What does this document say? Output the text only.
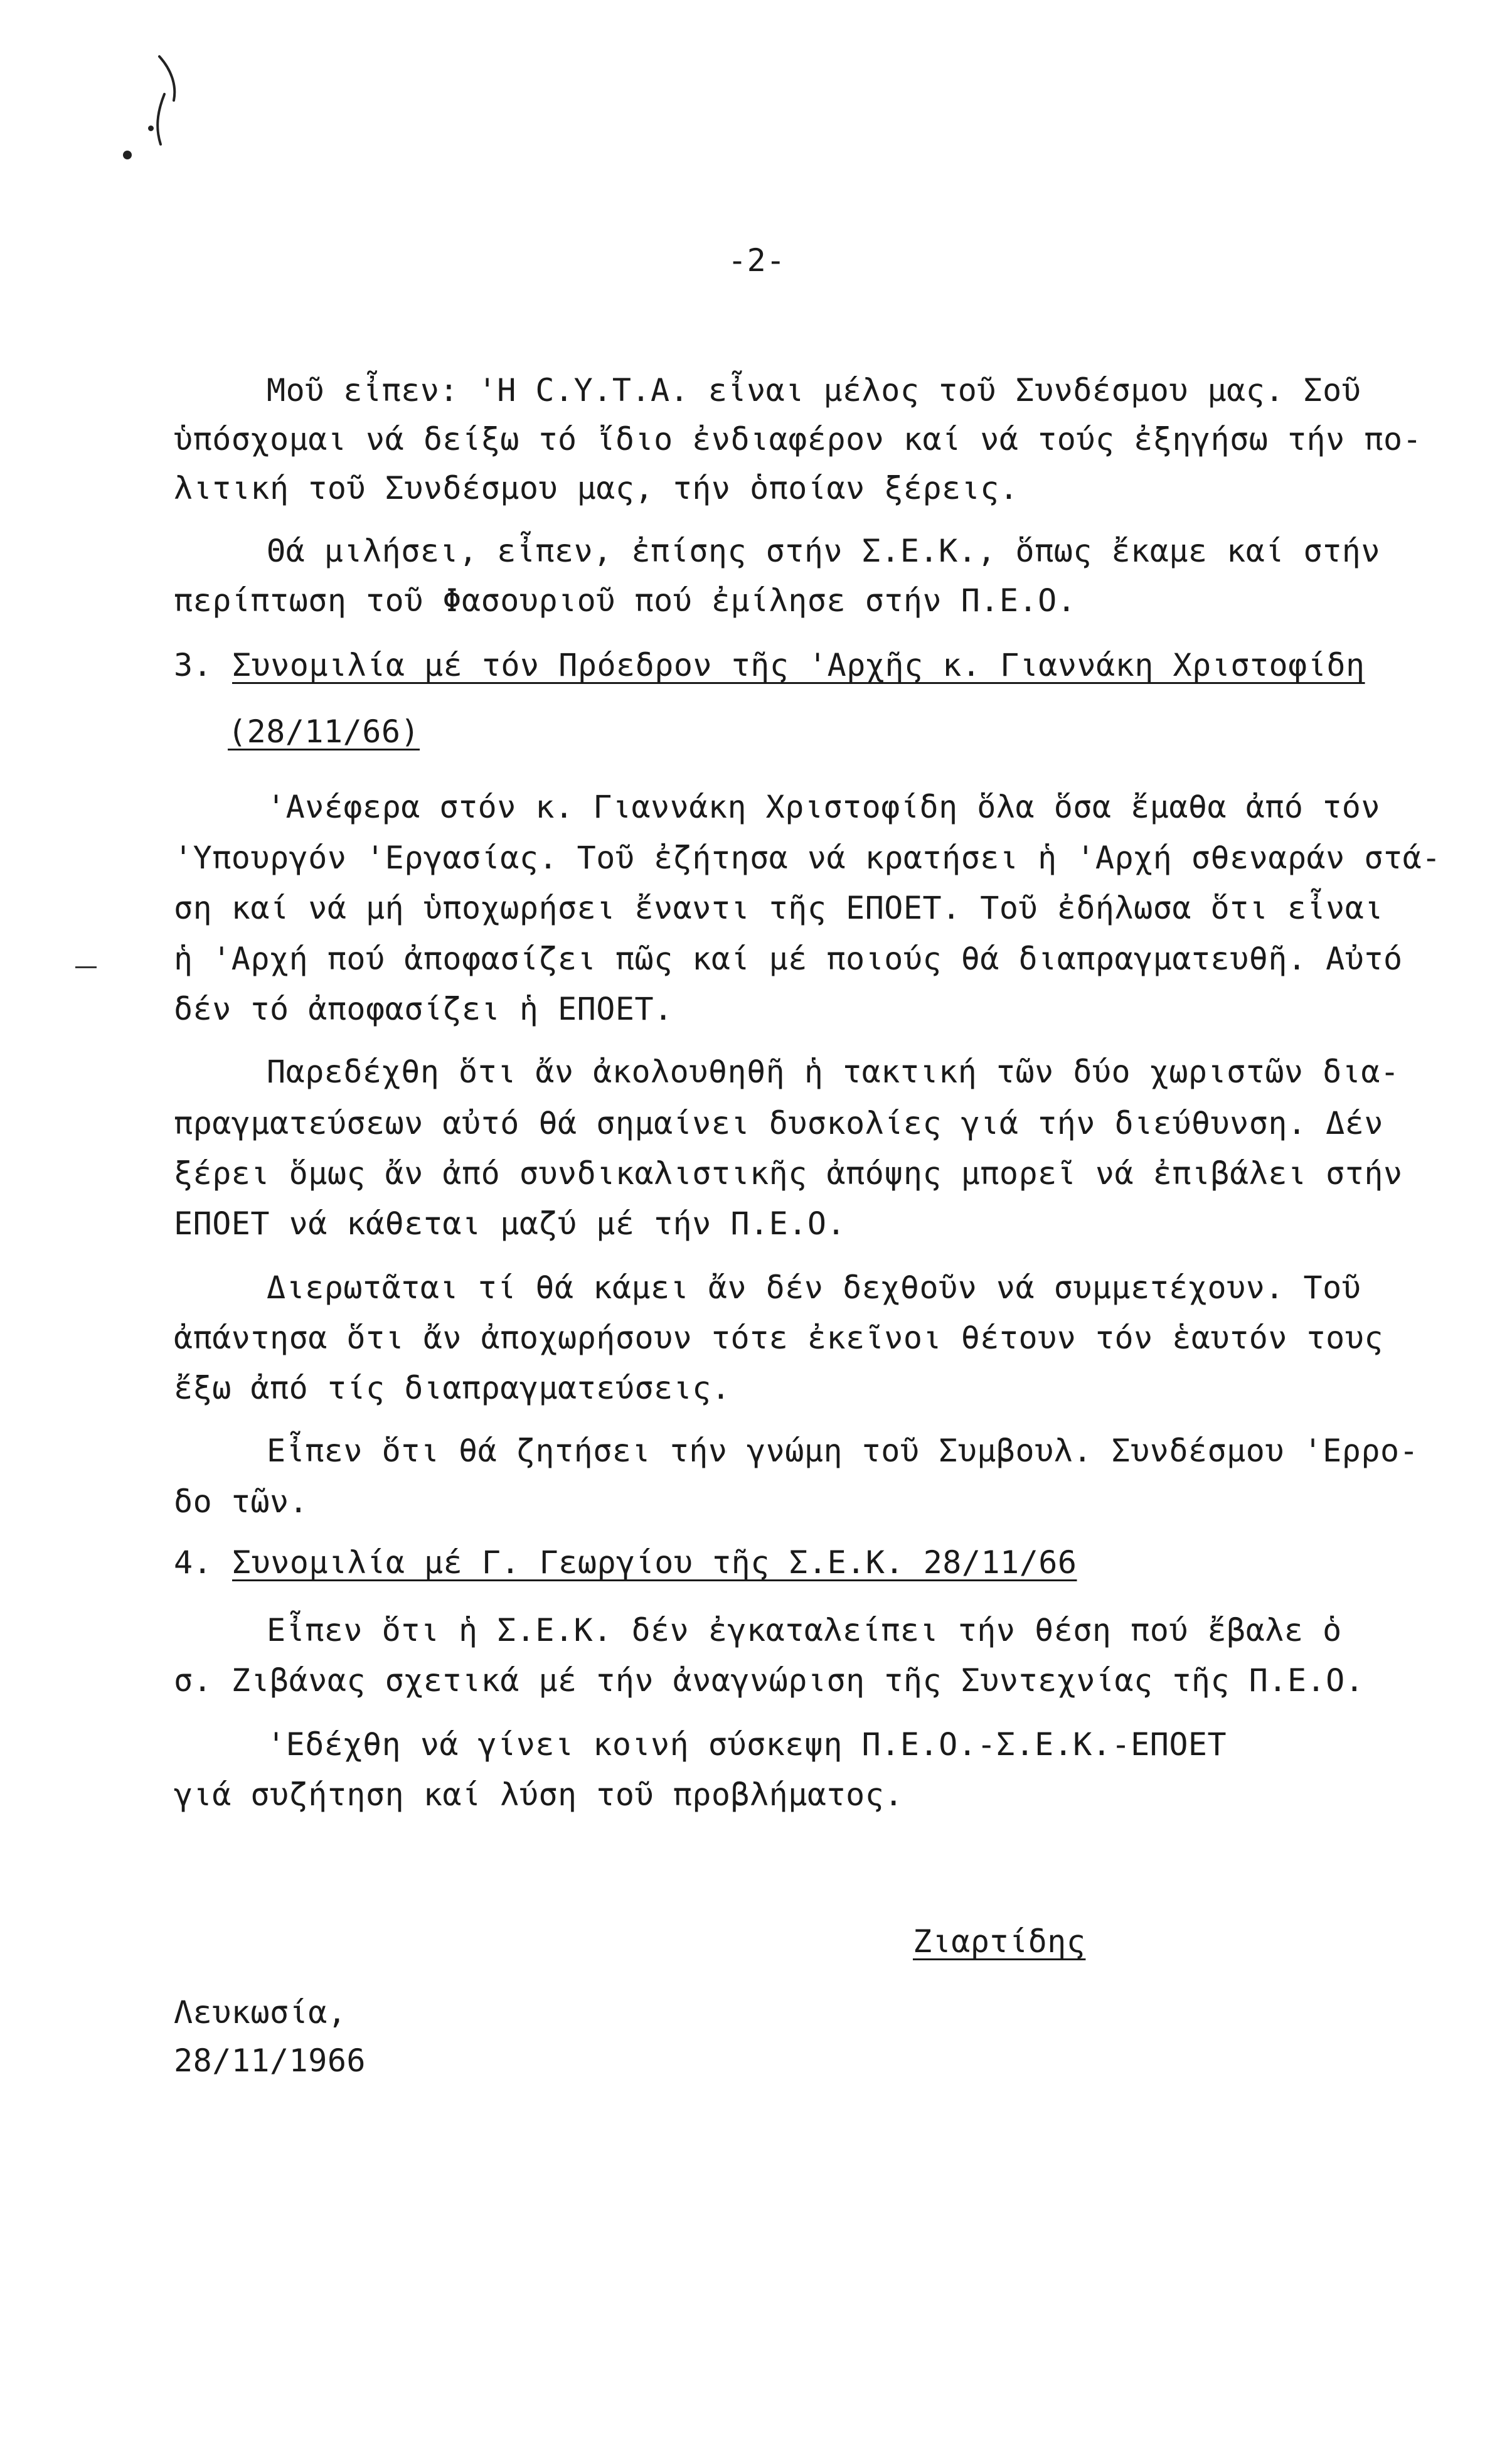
-2-
Μοῦ εἶπεν: 'Η C.Y.T.A. εἶναι μέλος τοῦ Συνδέσμου μας. Σοῦ
ὑπόσχομαι νά δείξω τό ἴδιο ἐνδιαφέρον καί νά τούς ἐξηγήσω τήν πο-
λιτική τοῦ Συνδέσμου μας, τήν ὁποίαν ξέρεις.
Θά μιλήσει, εἶπεν, ἐπίσης στήν Σ.Ε.Κ., ὅπως ἔκαμε καί στήν
περίπτωση τοῦ Φασουριοῦ πού ἐμίλησε στήν Π.Ε.Ο.
3. Συνομιλία μέ τόν Πρόεδρον τῆς 'Αρχῆς κ. Γιαννάκη Χριστοφίδη
(28/11/66)
'Ανέφερα στόν κ. Γιαννάκη Χριστοφίδη ὅλα ὅσα ἔμαθα ἀπό τόν
'Υπουργόν 'Εργασίας. Τοῦ ἐζήτησα νά κρατήσει ἡ 'Αρχή σθεναράν στά-
ση καί νά μή ὑποχωρήσει ἔναντι τῆς ΕΠΟΕΤ. Τοῦ ἐδήλωσα ὅτι εἶναι
ἡ 'Αρχή πού ἀποφασίζει πῶς καί μέ ποιούς θά διαπραγματευθῆ. Αὐτό
δέν τό ἀποφασίζει ἡ ΕΠΟΕΤ.
Παρεδέχθη ὅτι ἄν ἀκολουθηθῆ ἡ τακτική τῶν δύο χωριστῶν δια-
πραγματεύσεων αὐτό θά σημαίνει δυσκολίες γιά τήν διεύθυνση. Δέν
ξέρει ὅμως ἄν ἀπό συνδικαλιστικῆς ἀπόψης μπορεῖ νά ἐπιβάλει στήν
ΕΠΟΕΤ νά κάθεται μαζύ μέ τήν Π.Ε.Ο.
Διερωτᾶται τί θά κάμει ἄν δέν δεχθοῦν νά συμμετέχουν. Τοῦ
ἀπάντησα ὅτι ἄν ἀποχωρήσουν τότε ἐκεῖνοι θέτουν τόν ἑαυτόν τους
ἔξω ἀπό τίς διαπραγματεύσεις.
Εἶπεν ὅτι θά ζητήσει τήν γνώμη τοῦ Συμβουλ. Συνδέσμου 'Ερρο-
δο τῶν.
4. Συνομιλία μέ Γ. Γεωργίου τῆς Σ.Ε.Κ. 28/11/66
Εἶπεν ὅτι ἡ Σ.Ε.Κ. δέν ἐγκαταλείπει τήν θέση πού ἔβαλε ὁ
σ. Ζιβάνας σχετικά μέ τήν ἀναγνώριση τῆς Συντεχνίας τῆς Π.Ε.Ο.
'Εδέχθη νά γίνει κοινή σύσκεψη Π.Ε.Ο.-Σ.Ε.Κ.-ΕΠΟΕΤ
γιά συζήτηση καί λύση τοῦ προβλήματος.
Ζιαρτίδης
Λευκωσία,
28/11/1966
